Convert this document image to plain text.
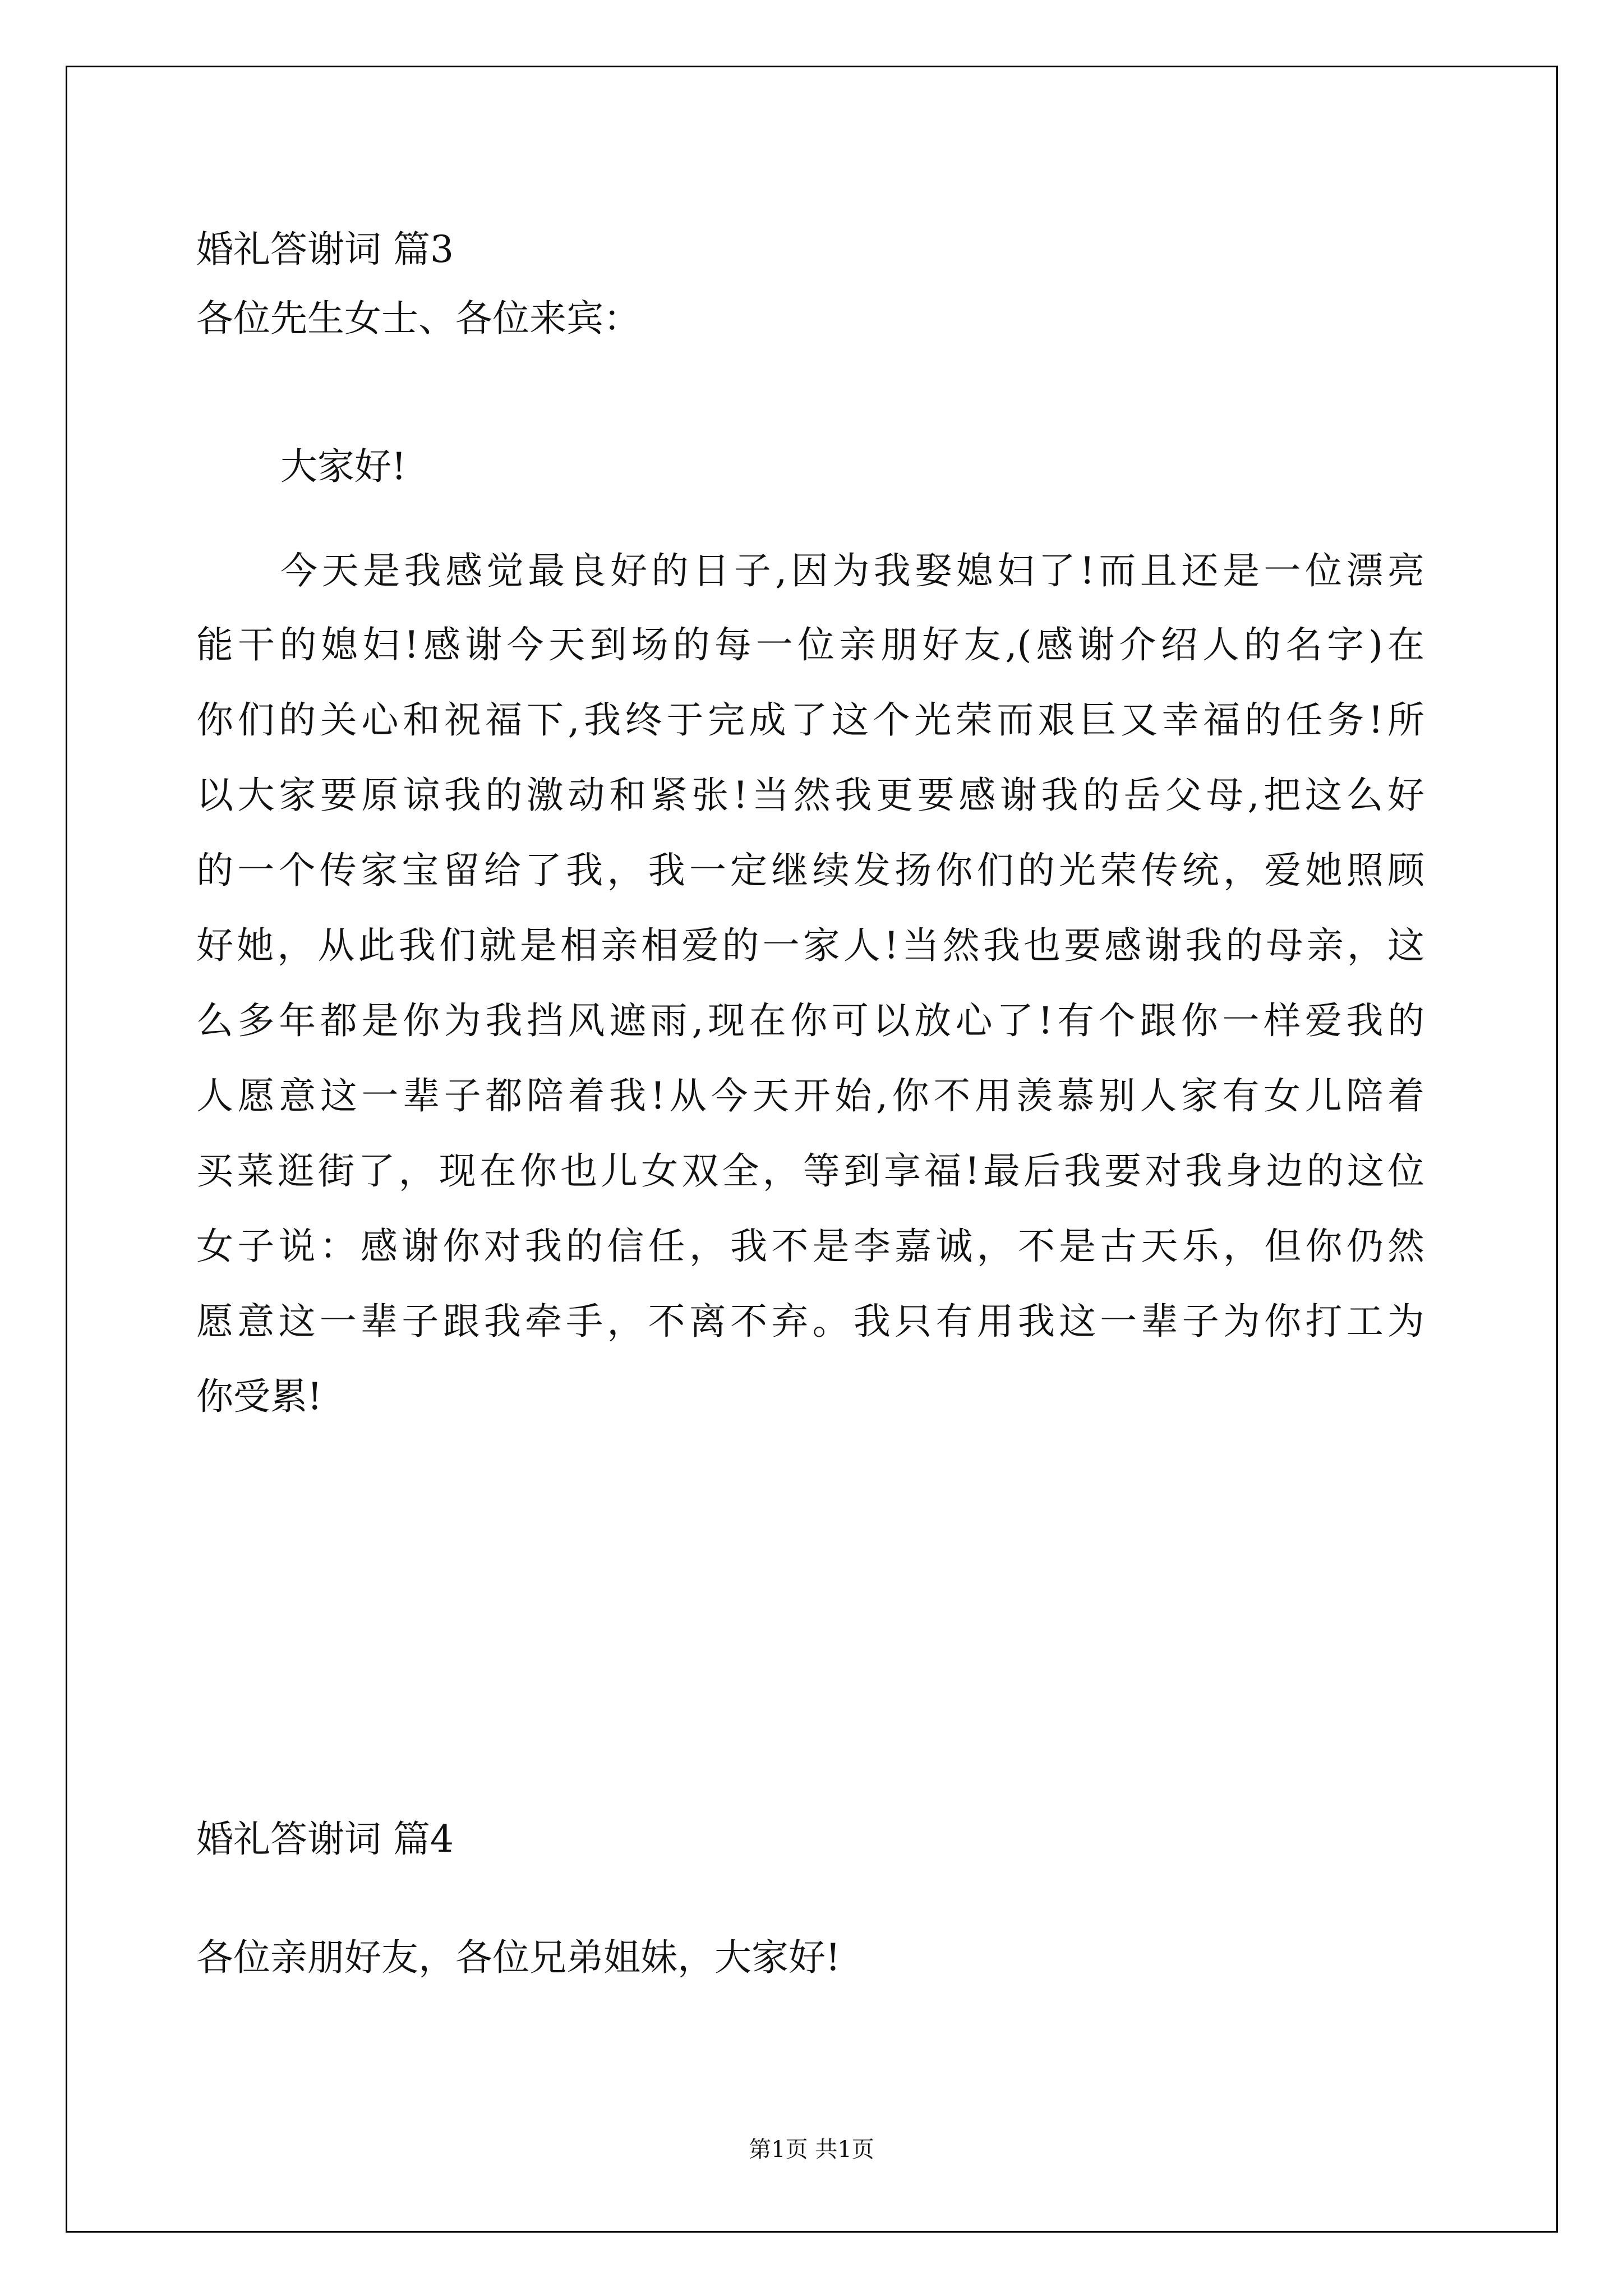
婚礼答谢词 篇3
各位先生女士、各位来宾：
大家好!
今天是我感觉最良好的日子,因为我娶媳妇了!而且还是一位漂亮
能干的媳妇!感谢今天到场的每一位亲朋好友,(感谢介绍人的名字)在
你们的关心和祝福下,我终于完成了这个光荣而艰巨又幸福的任务!所
以大家要原谅我的激动和紧张!当然我更要感谢我的岳父母,把这么好
的一个传家宝留给了我，我一定继续发扬你们的光荣传统，爱她照顾
好她，从此我们就是相亲相爱的一家人!当然我也要感谢我的母亲，这
么多年都是你为我挡风遮雨,现在你可以放心了!有个跟你一样爱我的
人愿意这一辈子都陪着我!从今天开始,你不用羡慕别人家有女儿陪着
买菜逛街了，现在你也儿女双全，等到享福!最后我要对我身边的这位
女子说：感谢你对我的信任，我不是李嘉诚，不是古天乐，但你仍然
愿意这一辈子跟我牵手，不离不弃。我只有用我这一辈子为你打工为
你受累!
婚礼答谢词 篇4
各位亲朋好友，各位兄弟姐妹，大家好!
第1页 共1页
